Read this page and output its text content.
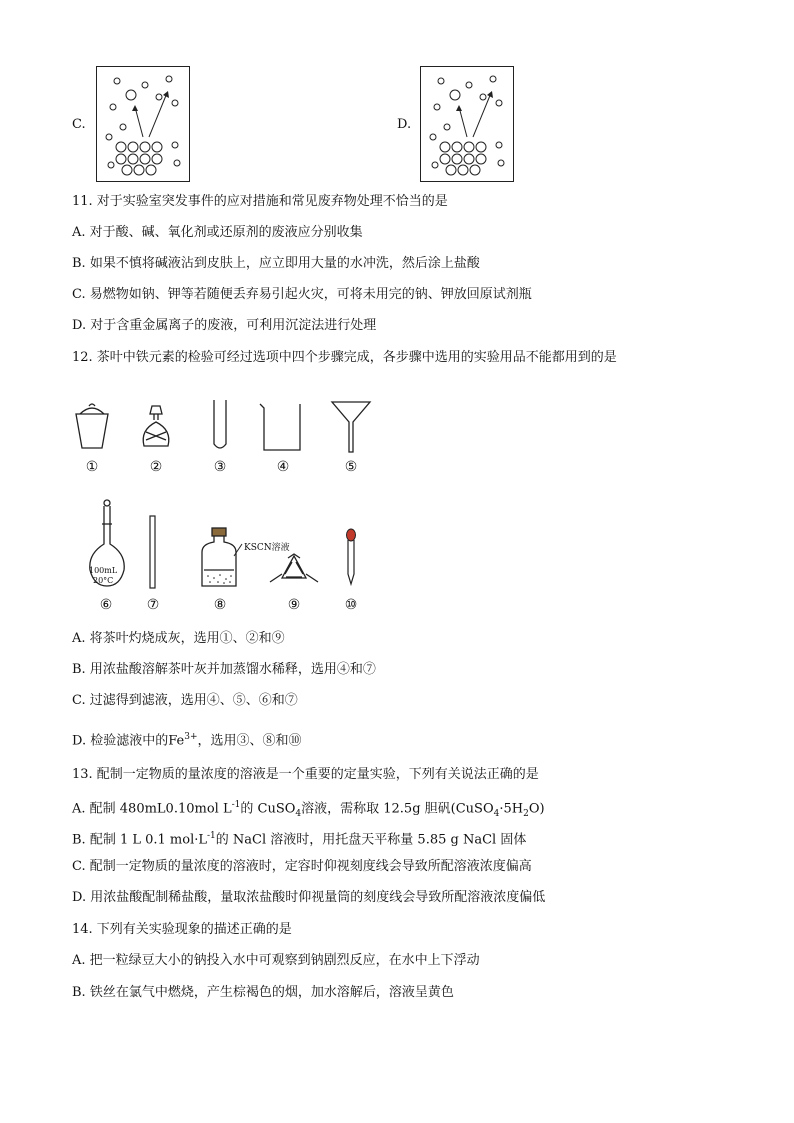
C.	D.
11. 对于实验室突发事件的应对措施和常见废弃物处理不恰当的是
A. 对于酸、碱、氧化剂或还原剂的废液应分别收集
B. 如果不慎将碱液沾到皮肤上，应立即用大量的水冲洗，然后涂上盐酸
C. 易燃物如钠、钾等若随便丢弃易引起火灾，可将未用完的钠、钾放回原试剂瓶
D. 对于含重金属离子的废液，可利用沉淀法进行处理
12. 茶叶中铁元素的检验可经过选项中四个步骤完成，各步骤中选用的实验用品不能都用到的是
①	②	③	④	⑤
100mL
20°C
KSCN溶液
⑥	⑦	⑧	⑨	⑩
A. 将茶叶灼烧成灰，选用①、②和⑨
B. 用浓盐酸溶解茶叶灰并加蒸馏水稀释，选用④和⑦
C. 过滤得到滤液，选用④、⑤、⑥和⑦
D. 检验滤液中的$Fe^{3+}$，选用③、⑧和⑩
13. 配制一定物质的量浓度的溶液是一个重要的定量实验，下列有关说法正确的是
A. 配制 480mL0.10mol $L^{-1}$的 CuSO$_4$溶液，需称取 12.5g 胆矾$(CuSO_4\cdot 5H_2O)$
B. 配制 1 L 0.1 $mol\cdot L^{-1}$的 NaCl 溶液时，用托盘天平称量 5.85 g NaCl 固体
C. 配制一定物质的量浓度的溶液时，定容时仰视刻度线会导致所配溶液浓度偏高
D. 用浓盐酸配制稀盐酸，量取浓盐酸时仰视量筒的刻度线会导致所配溶液浓度偏低
14. 下列有关实验现象的描述正确的是
A. 把一粒绿豆大小的钠投入水中可观察到钠剧烈反应，在水中上下浮动
B. 铁丝在氯气中燃烧，产生棕褐色的烟，加水溶解后，溶液呈黄色
